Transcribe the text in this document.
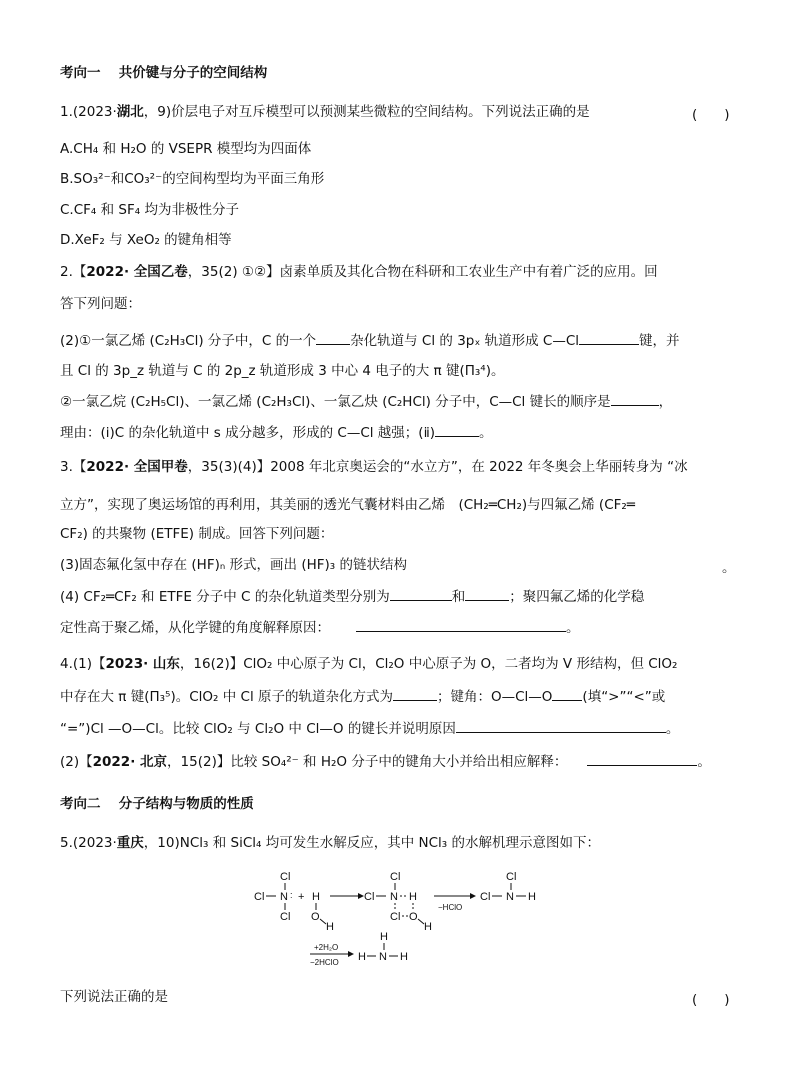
考向一　 共价键与分子的空间结构
1.(2023·湖北，9)价层电子对互斥模型可以预测某些微粒的空间结构。下列说法正确的是	(　　)
A.CH₄ 和 H₂O 的 VSEPR 模型均为四面体
B.SO₃²⁻和CO₃²⁻的空间构型均为平面三角形
C.CF₄ 和 SF₄ 均为非极性分子
D.XeF₂ 与 XeO₂ 的键角相等
2.【2022· 全国乙卷，35(2) ①②】卤素单质及其化合物在科研和工农业生产中有着广泛的应用。回
答下列问题：
(2)①一氯乙烯 (C₂H₃Cl) 分子中，C 的一个	杂化轨道与 Cl 的 3pₓ 轨道形成 C—Cl	键，并
且 Cl 的 3p_z 轨道与 C 的 2p_z 轨道形成 3 中心 4 电子的大 π 键(Π₃⁴)。
②一氯乙烷 (C₂H₅Cl)、一氯乙烯 (C₂H₃Cl)、一氯乙炔 (C₂HCl) 分子中，C—Cl 键长的顺序是	，
理由：(ⅰ)C 的杂化轨道中 s 成分越多，形成的 C—Cl 越强；(ⅱ)	。
3.【2022· 全国甲卷，35(3)(4)】2008 年北京奥运会的“水立方”，在 2022 年冬奥会上华丽转身为 “冰
立方”，实现了奥运场馆的再利用，其美丽的透光气囊材料由乙烯　(CH₂═CH₂)与四氟乙烯 (CF₂═
CF₂) 的共聚物 (ETFE) 制成。回答下列问题：
(3)固态氟化氢中存在 (HF)ₙ 形式，画出 (HF)₃ 的链状结构	。
(4) CF₂═CF₂ 和 ETFE 分子中 C 的杂化轨道类型分别为	和	；聚四氟乙烯的化学稳
定性高于聚乙烯，从化学键的角度解释原因：	。
4.(1)【2023· 山东，16(2)】ClO₂ 中心原子为 Cl，Cl₂O 中心原子为 O，二者均为 V 形结构，但 ClO₂
中存在大 π 键(Π₃⁵)。ClO₂ 中 Cl 原子的轨道杂化方式为	；键角：O—Cl—O (填“>”“<”或
“=”)Cl —O—Cl。比较 ClO₂ 与 Cl₂O 中 Cl—O 的键长并说明原因	。
(2)【2022· 北京，15(2)】比较 SO₄²⁻ 和 H₂O 分子中的键角大小并给出相应解释：	。
考向二　 分子结构与物质的性质
5.(2023·重庆，10)NCl₃ 和 SiCl₄ 均可发生水解反应，其中 NCl₃ 的水解机理示意图如下：
Cl
Cl N :
Cl
+ H
O
H
Cl
Cl N H
Cl O
H
−HClO
Cl
Cl N H
+2H₂O
−2HClO
H
H N H
下列说法正确的是	(　　)
